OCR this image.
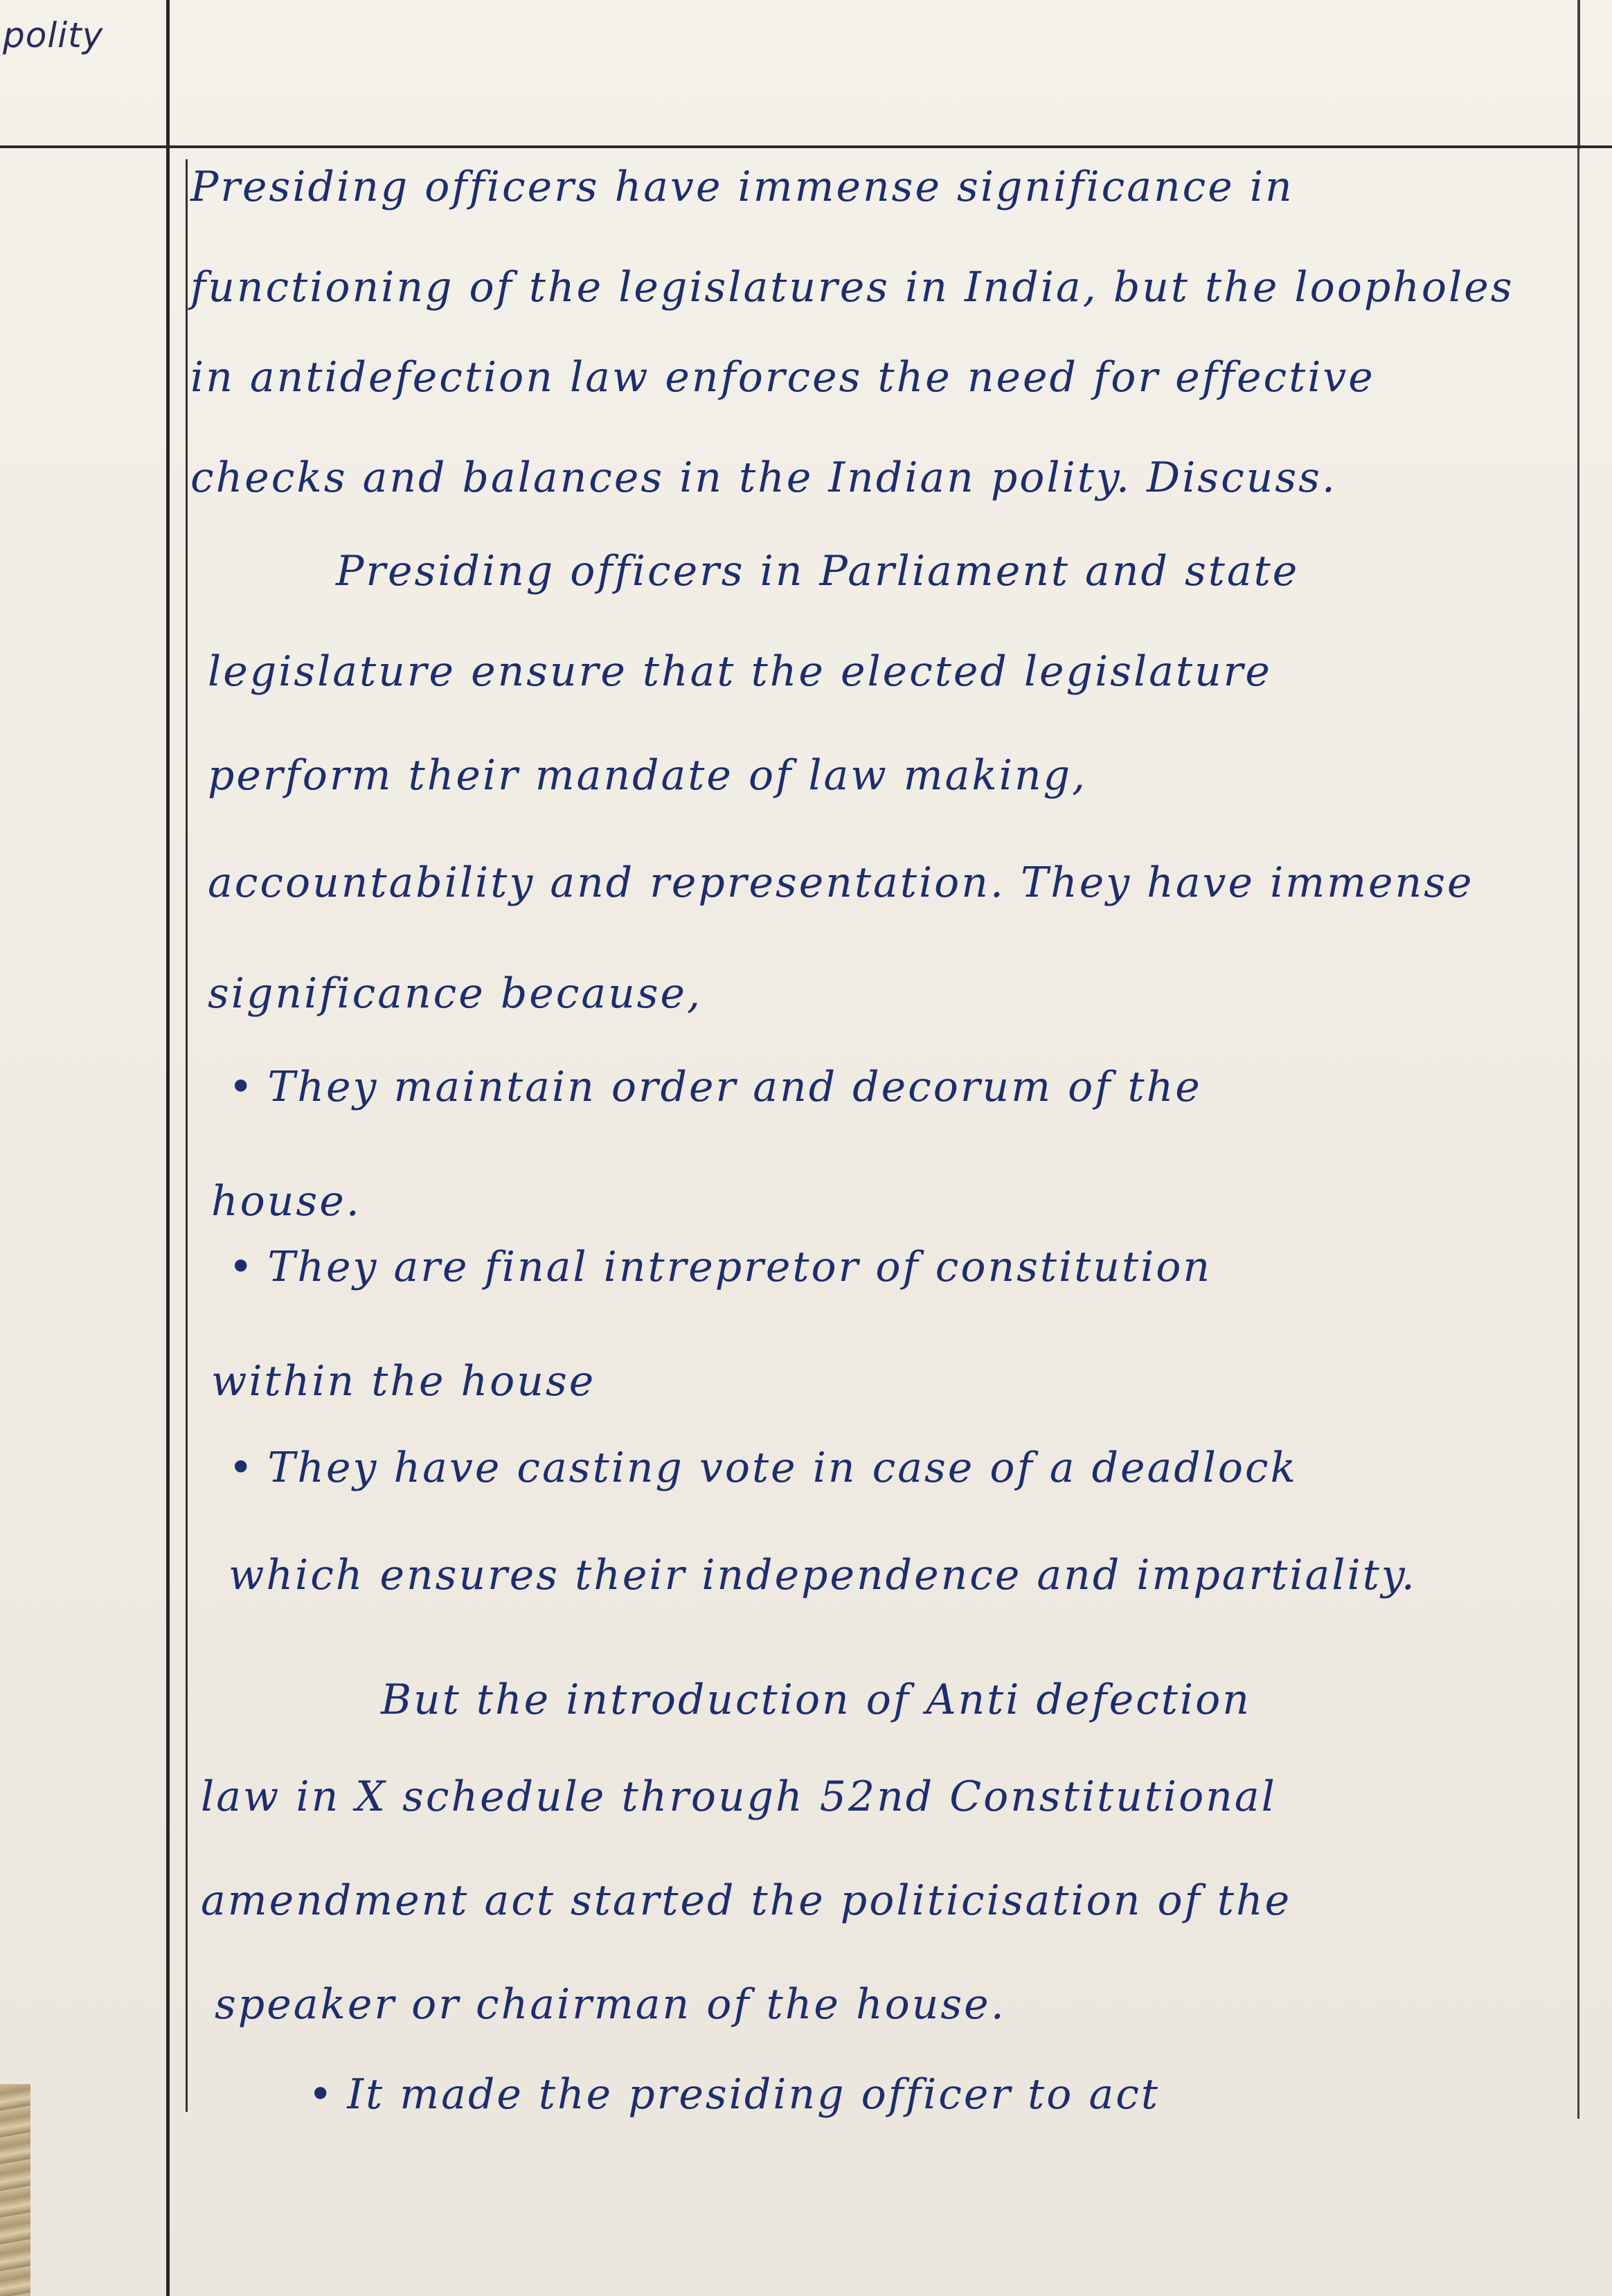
polity
Presiding officers have immense significance in
functioning of the legislatures in India, but the loopholes
in antidefection law enforces the need for effective
checks and balances in the Indian polity. Discuss.
Presiding officers in Parliament and state
legislature ensure that the elected legislature
perform their mandate of law making,
accountability and representation. They have immense
significance because,
• They maintain order and decorum of the
house.
• They are final intrepretor of constitution
within the house
• They have casting vote in case of a deadlock
which ensures their independence and impartiality.
But the introduction of Anti defection
law in X schedule through 52nd Constitutional
amendment act started the politicisation of the
speaker or chairman of the house.
• It made the presiding officer to act
